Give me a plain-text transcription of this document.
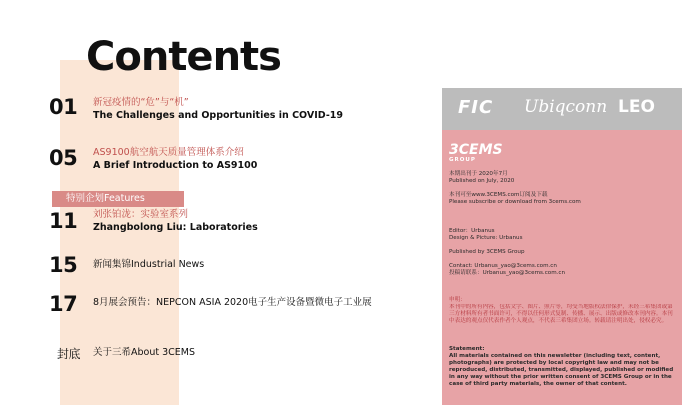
Contents
01 新冠疫情的“危”与“机”
The Challenges and Opportunities in COVID-19
05 AS9100航空航天质量管理体系介绍
A Brief Introduction to AS9100
特别企划Features
11 刘张铂泷：实验室系列
Zhangbolong Liu: Laboratories
15 新闻集锦Industrial News
17 8月展会预告：NEPCON ASIA 2020电子生产设备暨微电子工业展
封底 关于三希About 3CEMS
FIC Ubiqconn LEO
3CEMS
GROUP
本期出刊于 2020年7月
Published on July, 2020
本刊可至www.3CEMS.com订阅及下载
Please subscribe or download from 3cems.com
Editor：Urbanus
Design & Picture: Urbanus
Published by 3CEMS Group
Contact: Urbanus_yao@3cems.com.cn
投稿请联系：Urbanus_yao@3cems.com.cn
申明：
本刊中的所有内容，包括文字、图片、照片等，均受当地版权法律保护，未经三希集团或第三方材料所有者书面许可，不得以任何形式复制、传播、展示、出版或修改本刊内容。本刊中表达的观点仅代表作者个人观点，不代表三希集团立场。转载请注明出处，侵权必究。
Statement:
All materials contained on this newsletter (including text, content, photographs) are protected by local copyright law and may not be reproduced, distributed, transmitted, displayed, published or modified in any way without the prior written consent of 3CEMS Group or in the case of third party materials, the owner of that content.
